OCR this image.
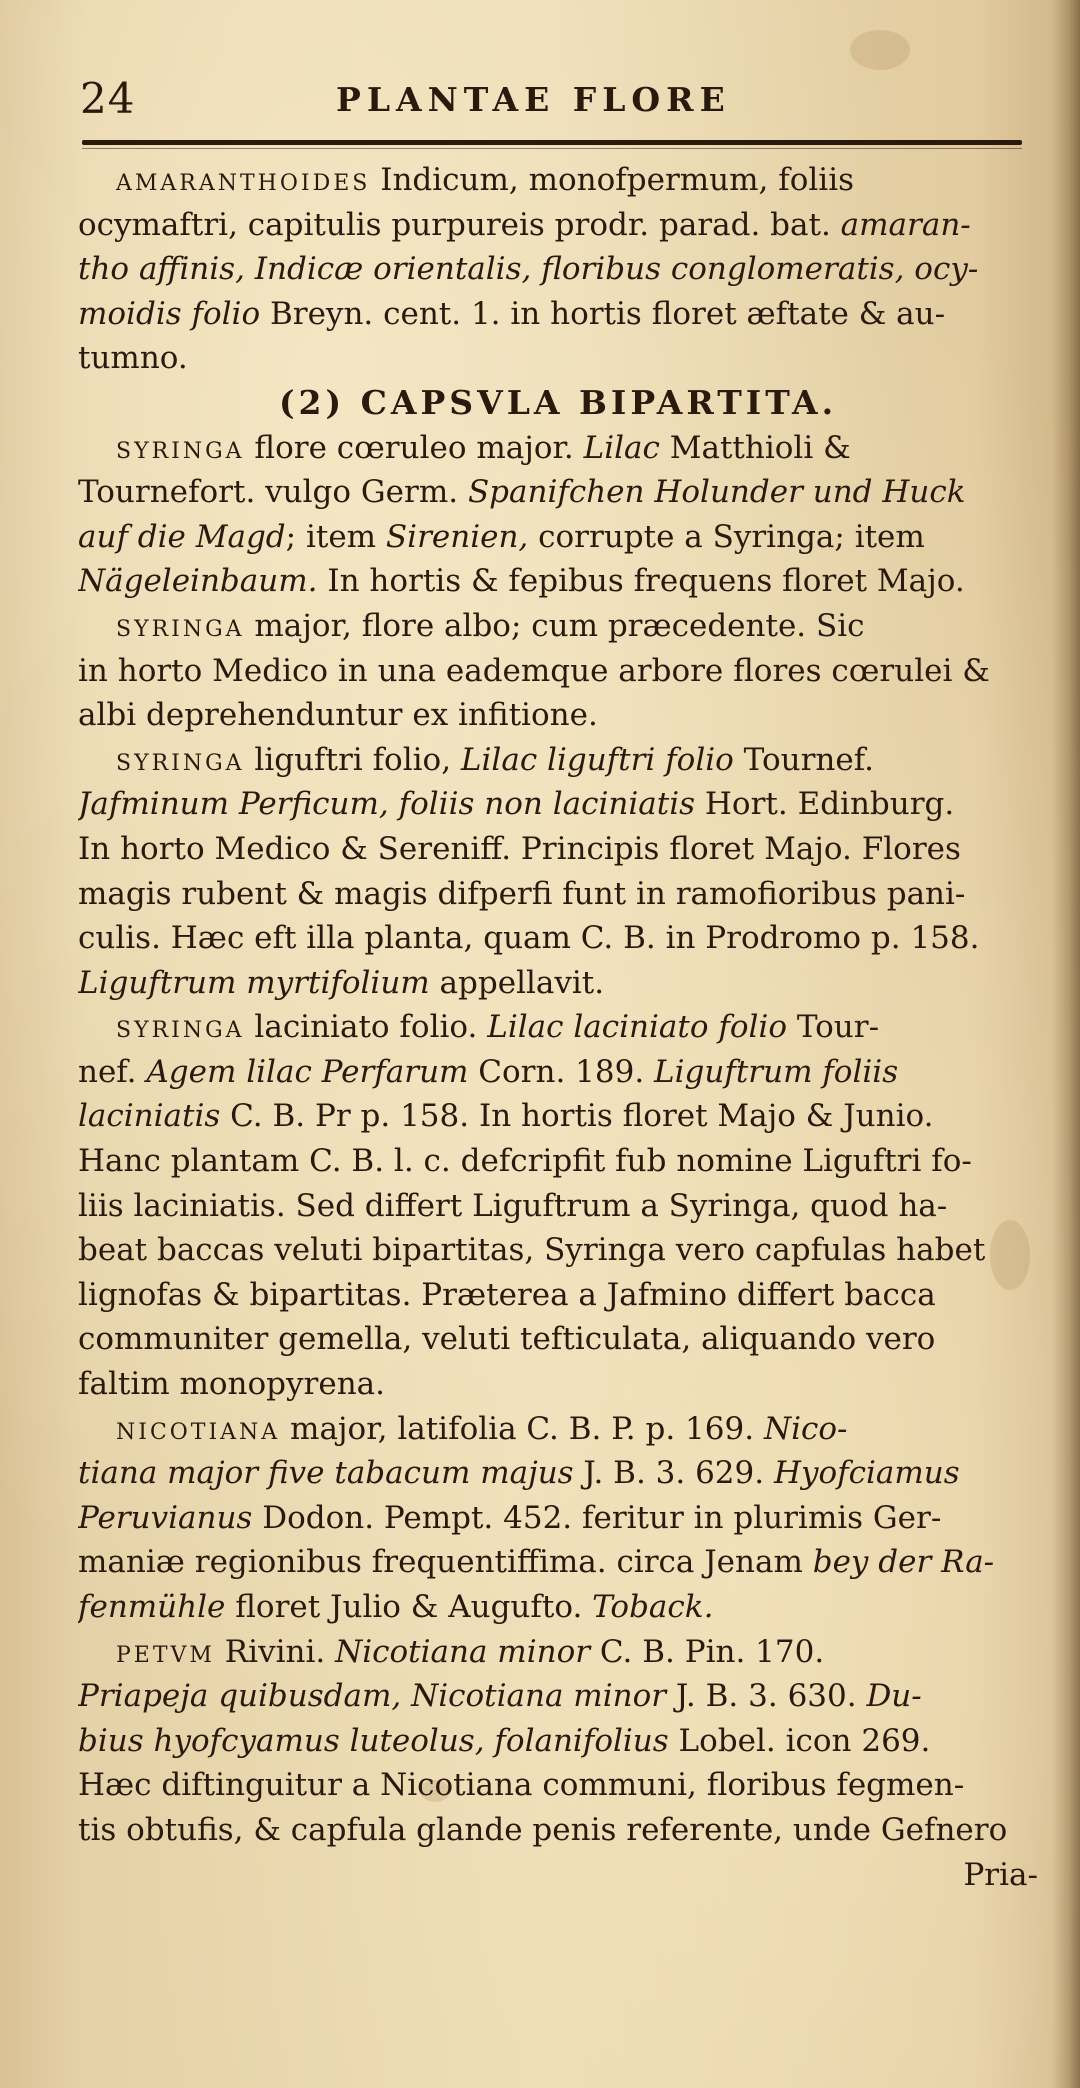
24	PLANTAE FLORE
AMARANTHOIDES Indicum, monofpermum, foliis
ocymaftri, capitulis purpureis prodr. parad. bat. amaran-
tho affinis, Indicæ orientalis, floribus conglomeratis, ocy-
moidis folio Breyn. cent. 1. in hortis floret æftate & au-
tumno.
(2) CAPSVLA BIPARTITA.
SYRINGA flore cœruleo major. Lilac Matthioli &
Tournefort. vulgo Germ. Spanifchen Holunder und Huck
auf die Magd; item Sirenien, corrupte a Syringa; item
Nägeleinbaum. In hortis & fepibus frequens floret Majo.
SYRINGA major, flore albo; cum præcedente. Sic
in horto Medico in una eademque arbore flores cœrulei &
albi deprehenduntur ex infitione.
SYRINGA liguftri folio, Lilac liguftri folio Tournef.
Jafminum Perficum, foliis non laciniatis Hort. Edinburg.
In horto Medico & Sereniff. Principis floret Majo. Flores
magis rubent & magis difperfi funt in ramofioribus pani-
culis. Hæc eft illa planta, quam C. B. in Prodromo p. 158.
Liguftrum myrtifolium appellavit.
SYRINGA laciniato folio. Lilac laciniato folio Tour-
nef. Agem lilac Perfarum Corn. 189. Liguftrum foliis
laciniatis C. B. Pr p. 158. In hortis floret Majo & Junio.
Hanc plantam C. B. l. c. defcripfit fub nomine Liguftri fo-
liis laciniatis. Sed differt Liguftrum a Syringa, quod ha-
beat baccas veluti bipartitas, Syringa vero capfulas habet
lignofas & bipartitas. Præterea a Jafmino differt bacca
communiter gemella, veluti tefticulata, aliquando vero
faltim monopyrena.
NICOTIANA major, latifolia C. B. P. p. 169. Nico-
tiana major five tabacum majus J. B. 3. 629. Hyofciamus
Peruvianus Dodon. Pempt. 452. feritur in plurimis Ger-
maniæ regionibus frequentiffima. circa Jenam bey der Ra-
fenmühle floret Julio & Augufto. Toback.
PETVM Rivini. Nicotiana minor C. B. Pin. 170.
Priapeja quibusdam, Nicotiana minor J. B. 3. 630. Du-
bius hyofcyamus luteolus, folanifolius Lobel. icon 269.
Hæc diftinguitur a Nicotiana communi, floribus fegmen-
tis obtufis, & capfula glande penis referente, unde Gefnero
Pria-
